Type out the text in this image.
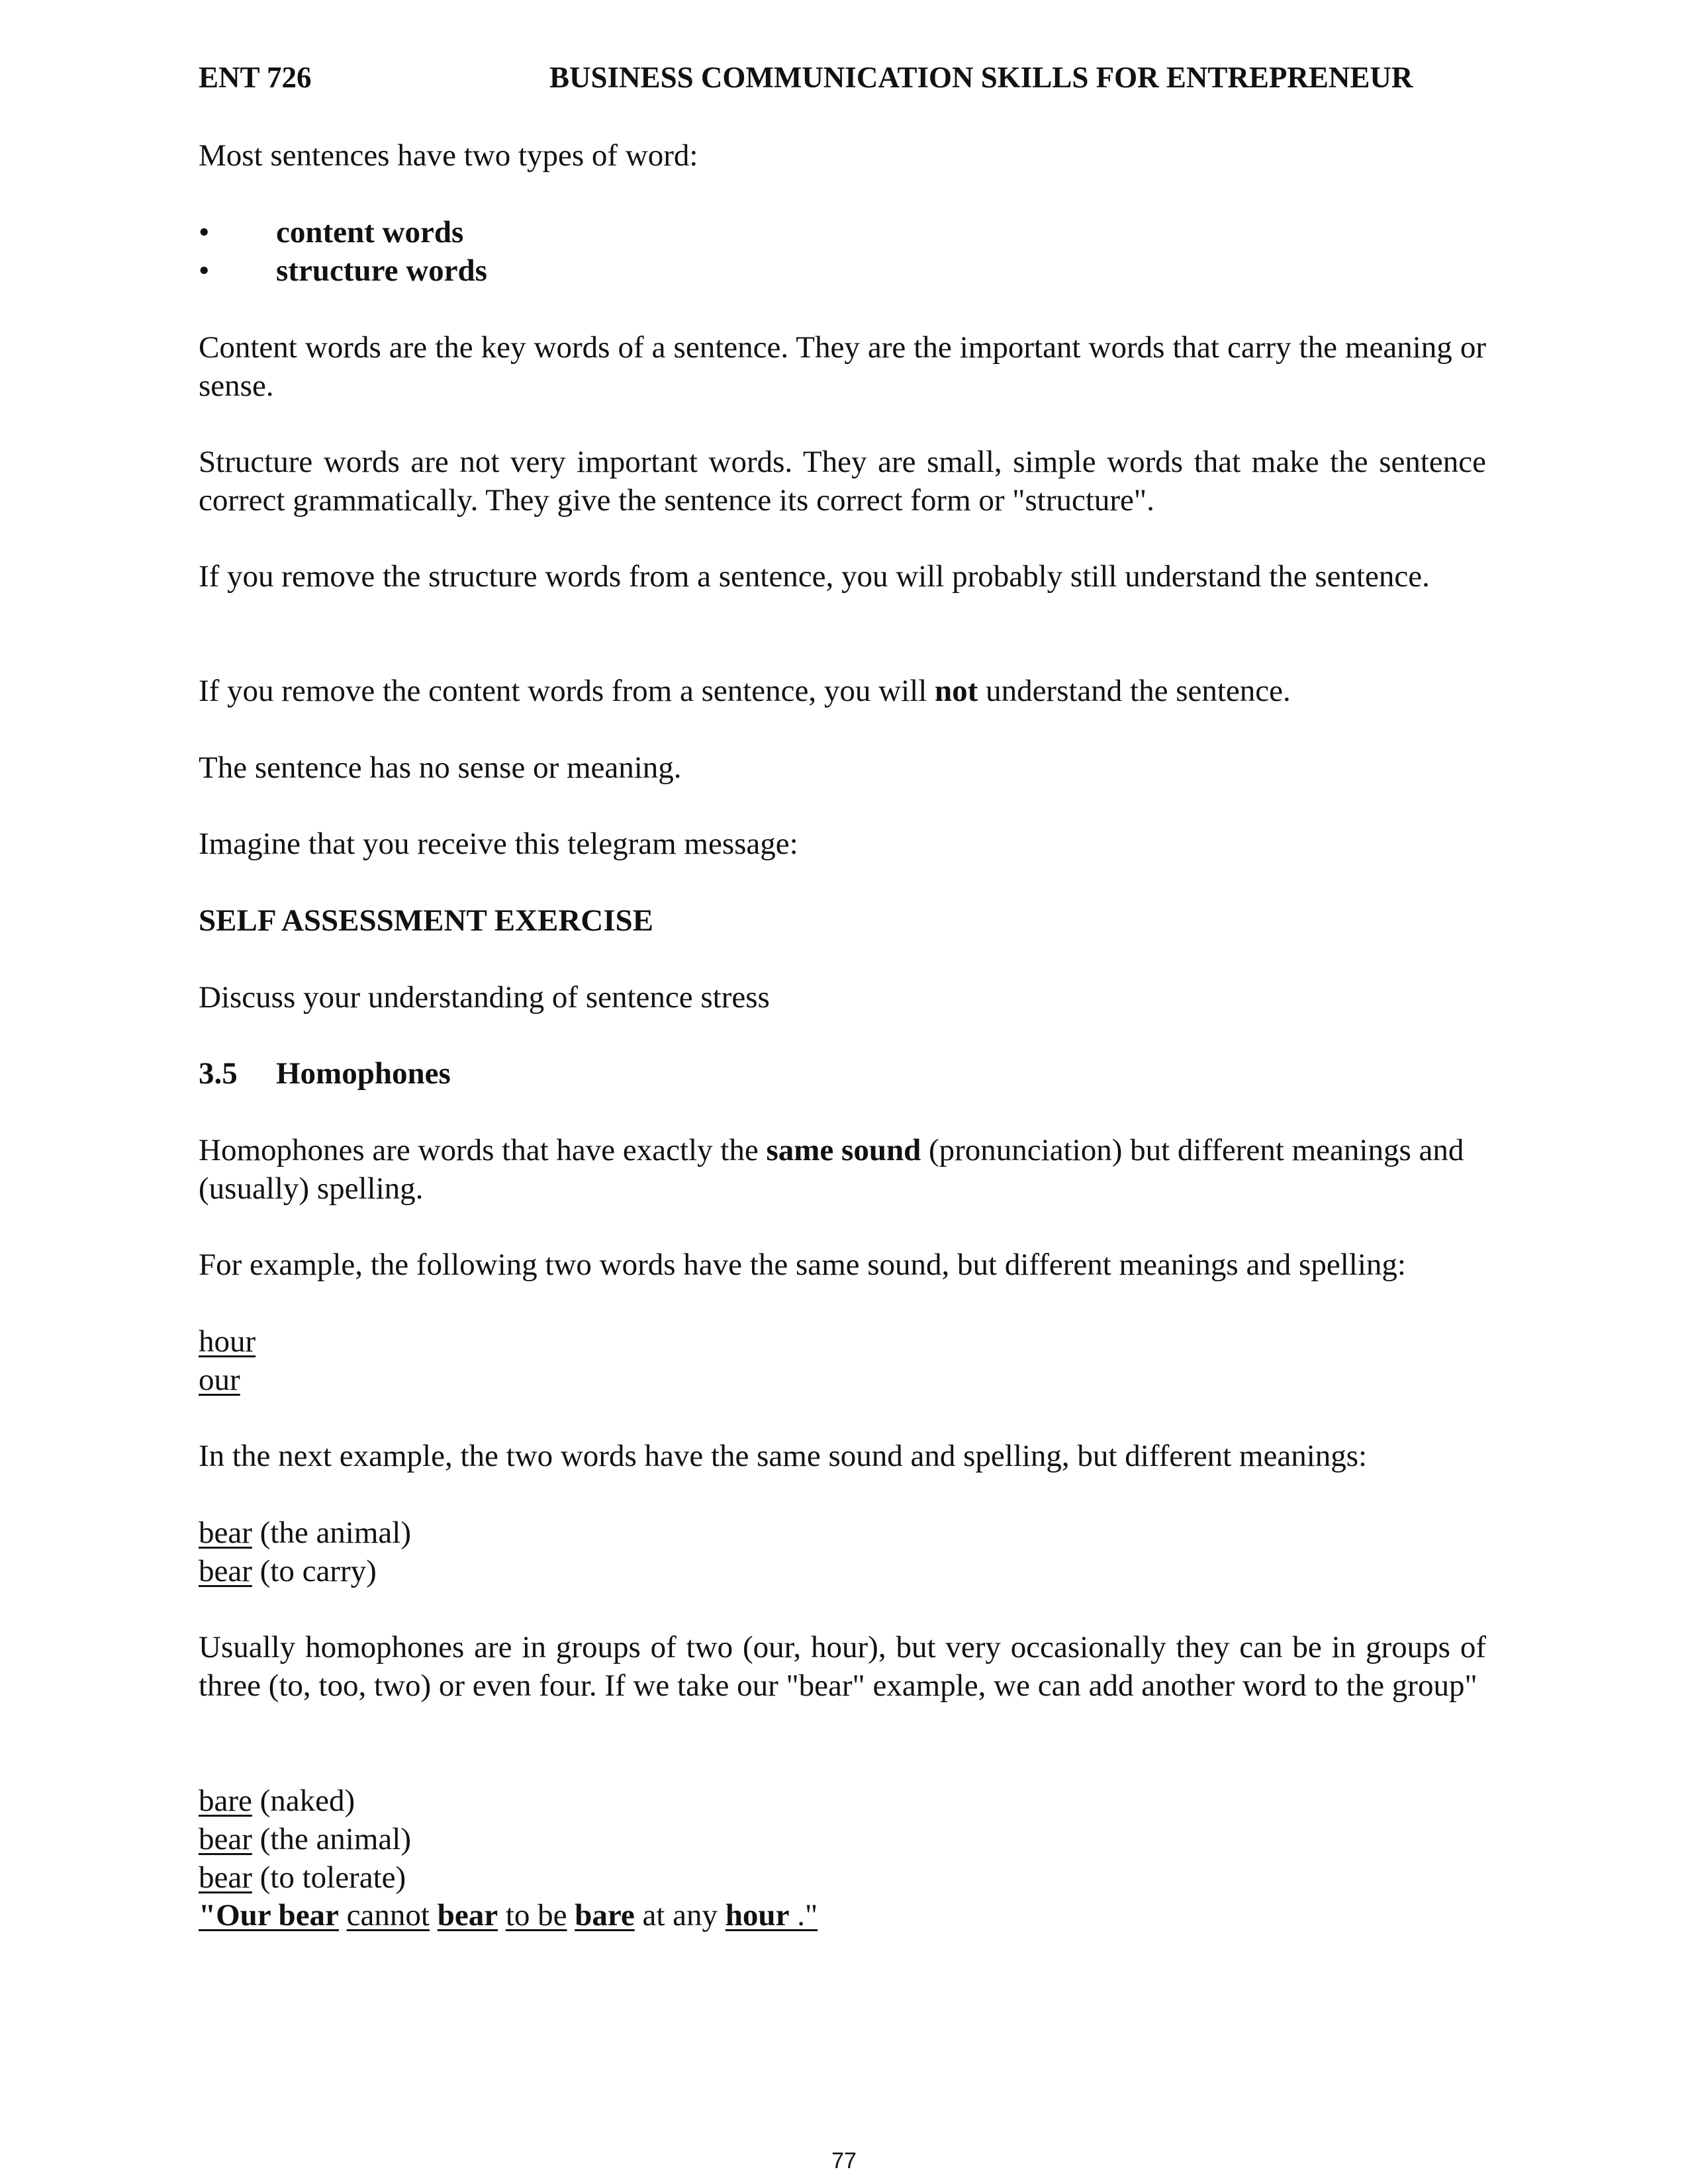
ENT 726	BUSINESS COMMUNICATION SKILLS FOR ENTREPRENEUR
Most sentences have two types of word:
• content words
• structure words
Content words are the key words of a sentence. They are the important words that carry the meaning or sense.
Structure words are not very important words. They are small, simple words that make the sentence correct grammatically. They give the sentence its correct form or "structure".
If you remove the structure words from a sentence, you will probably still understand the sentence.
If you remove the content words from a sentence, you will not understand the sentence.
The sentence has no sense or meaning.
Imagine that you receive this telegram message:
SELF ASSESSMENT EXERCISE
Discuss your understanding of sentence stress
3.5 Homophones
Homophones are words that have exactly the same sound (pronunciation) but different meanings and (usually) spelling.
For example, the following two words have the same sound, but different meanings and spelling:
hour
our
In the next example, the two words have the same sound and spelling, but different meanings:
bear (the animal)
bear (to carry)
Usually homophones are in groups of two (our, hour), but very occasionally they can be in groups of three (to, too, two) or even four. If we take our "bear" example, we can add another word to the group"
bare (naked)
bear (the animal)
bear (to tolerate)
"Our bear cannot bear to be bare at any hour ."
77
